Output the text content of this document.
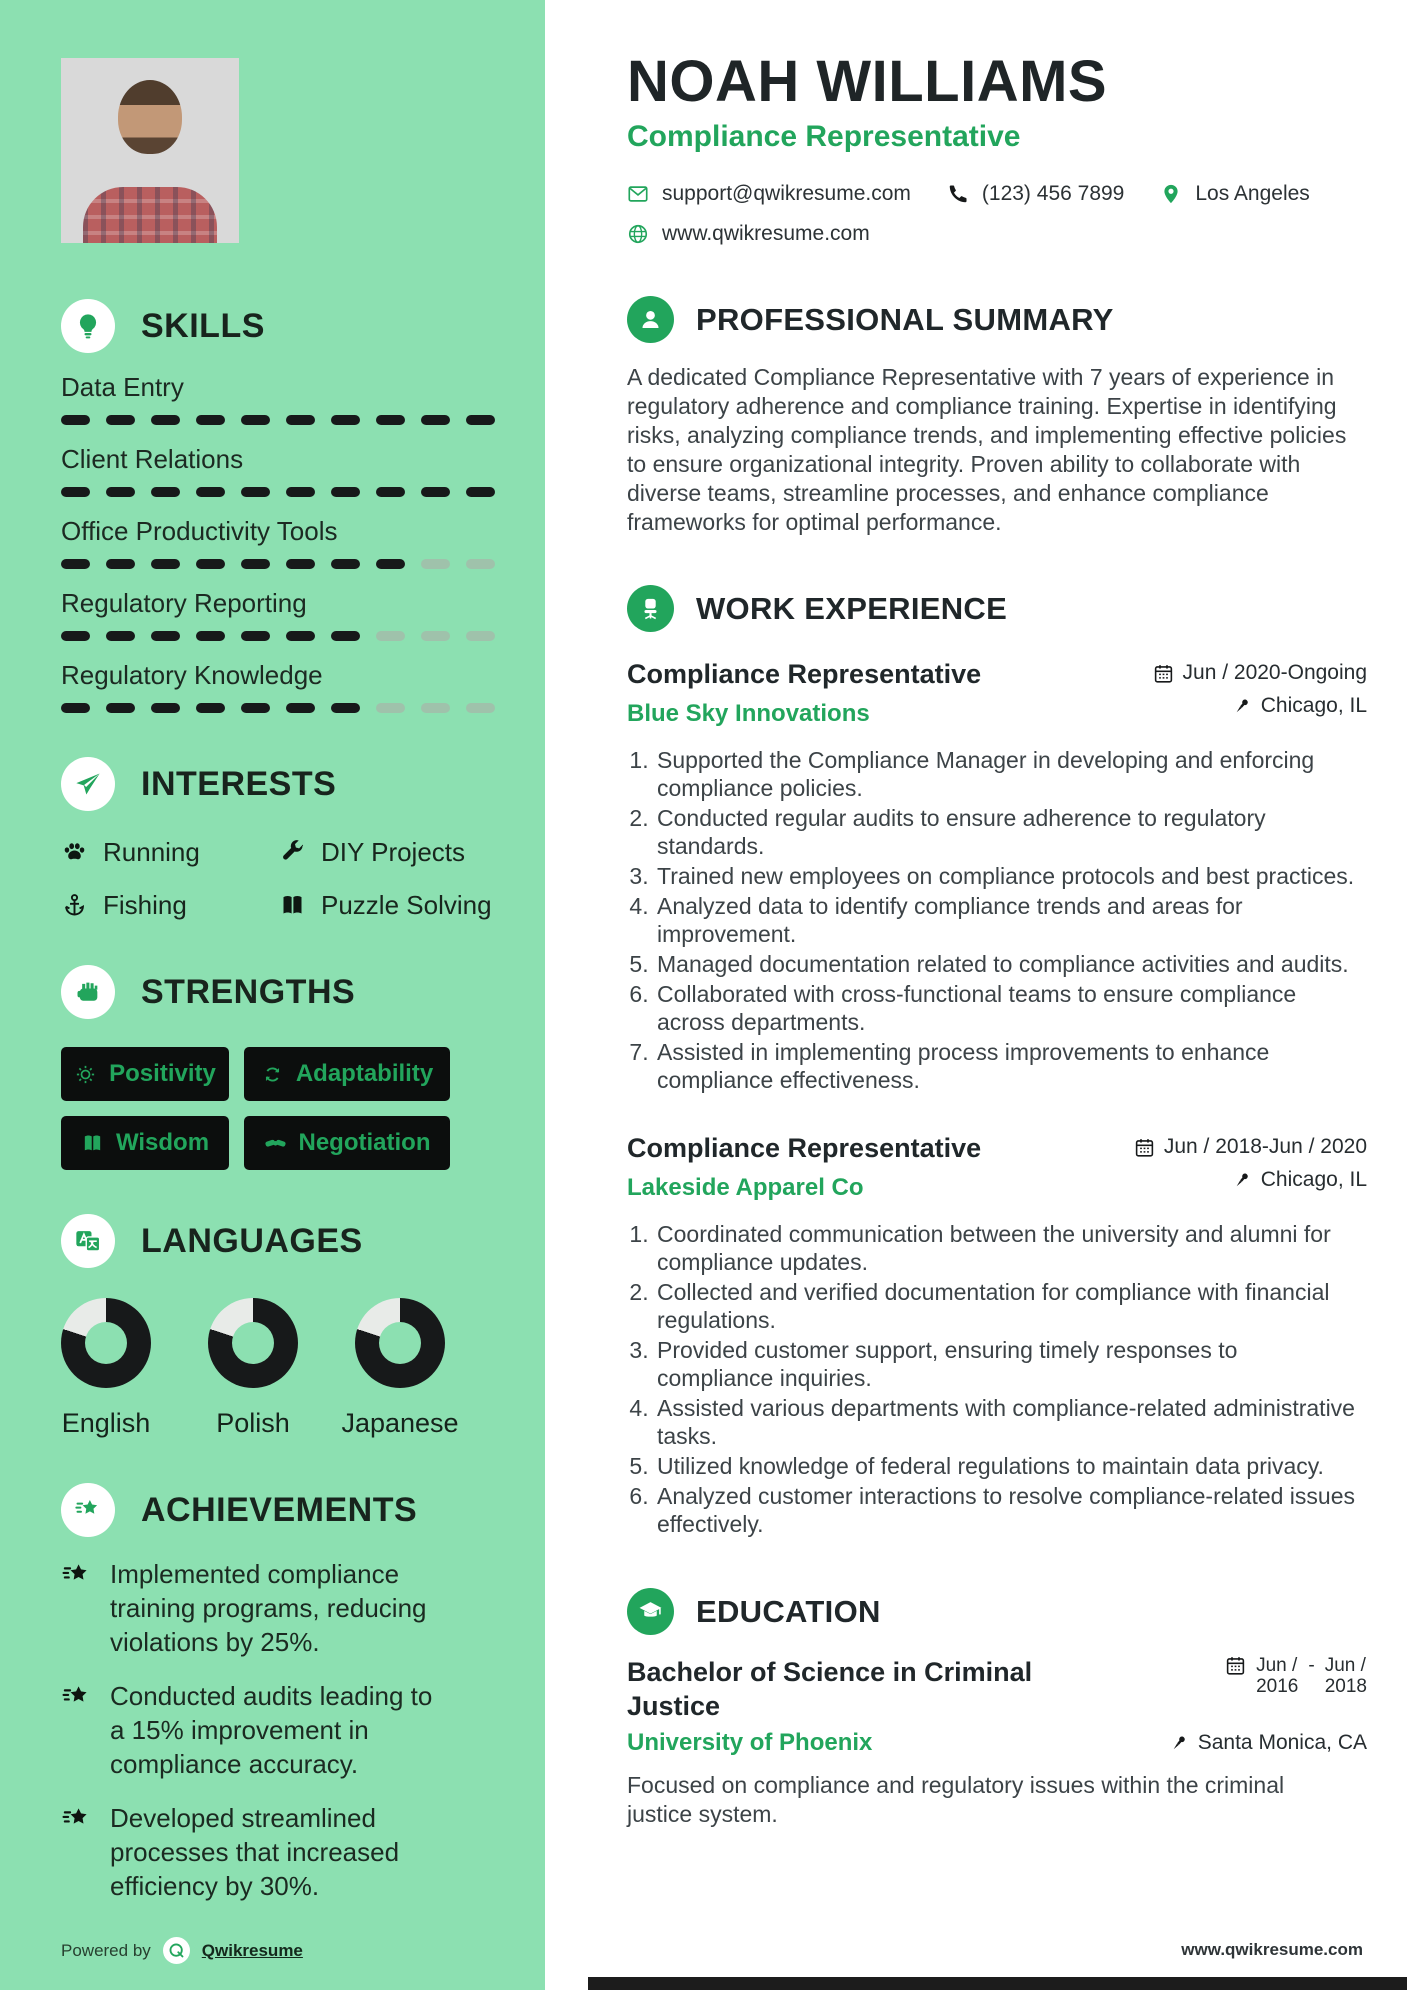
SKILLS
Data Entry
Client Relations
Office Productivity Tools
Regulatory Reporting
Regulatory Knowledge
INTERESTS
Running	DIY Projects
Fishing	Puzzle Solving
STRENGTHS
Positivity	Adaptability
Wisdom	Negotiation
LANGUAGES
English Polish Japanese
ACHIEVEMENTS

Implemented compliance training programs, reducing violations by 25%.

Conducted audits leading to a 15% improvement in compliance accuracy.

Developed streamlined processes that increased efficiency by 30%.

Powered by	Qwikresume
NOAH WILLIAMS
Compliance Representative
support@qwikresume.com	(123) 456 7899	Los Angeles
www.qwikresume.com
PROFESSIONAL SUMMARY

A dedicated Compliance Representative with 7 years of experience in regulatory adherence and compliance training. Expertise in identifying risks, analyzing compliance trends, and implementing effective policies to ensure organizational integrity. Proven ability to collaborate with diverse teams, streamline processes, and enhance compliance frameworks for optimal performance.

WORK EXPERIENCE
Compliance Representative
Blue Sky Innovations
Jun / 2020-Ongoing
Chicago, IL
1. Supported the Compliance Manager in developing and enforcing compliance policies.
2. Conducted regular audits to ensure adherence to regulatory standards.
3. Trained new employees on compliance protocols and best practices.
4. Analyzed data to identify compliance trends and areas for improvement.
5. Managed documentation related to compliance activities and audits.
6. Collaborated with cross-functional teams to ensure compliance across departments.
7. Assisted in implementing process improvements to enhance compliance effectiveness.
Compliance Representative
Lakeside Apparel Co
Jun / 2018-Jun / 2020
Chicago, IL
1. Coordinated communication between the university and alumni for compliance updates.
2. Collected and verified documentation for compliance with financial regulations.
3. Provided customer support, ensuring timely responses to compliance inquiries.
4. Assisted various departments with compliance-related administrative tasks.
5. Utilized knowledge of federal regulations to maintain data privacy.
6. Analyzed customer interactions to resolve compliance-related issues effectively.
EDUCATION
Bachelor of Science in Criminal Justice
Jun /
2016
- Jun /
2018
University of Phoenix	Santa Monica, CA

Focused on compliance and regulatory issues within the criminal justice system.

www.qwikresume.com
